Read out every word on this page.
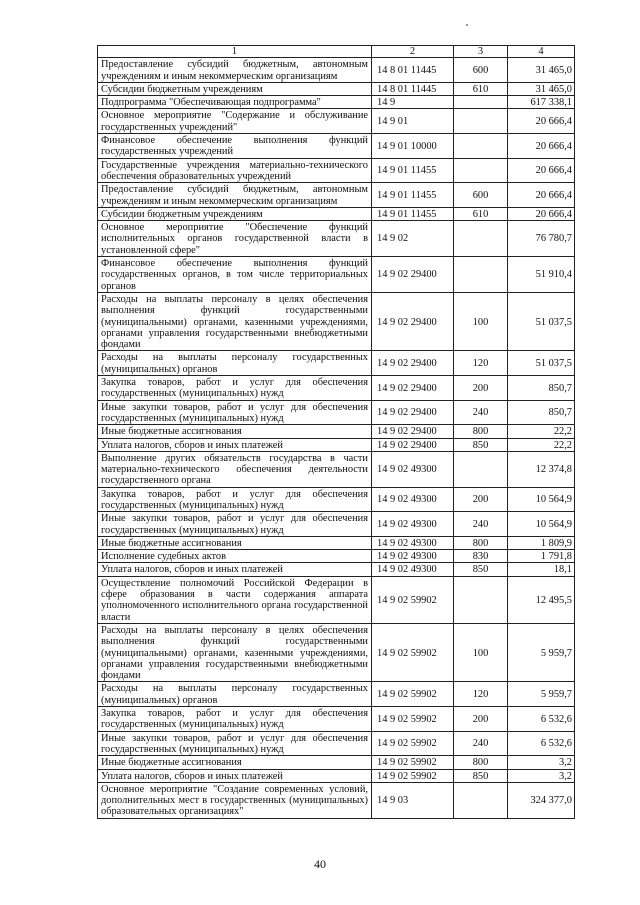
1	2	3	4
Предоставление субсидий бюджетным, автономным учреждениям и иным некоммерческим организациям	14 8 01 11445	600	31 465,0
Субсидии бюджетным учреждениям	14 8 01 11445	610	31 465,0
Подпрограмма "Обеспечивающая подпрограмма"	14 9		617 338,1
Основное мероприятие "Содержание и обслуживание государственных учреждений"	14 9 01		20 666,4
Финансовое обеспечение выполнения функций государственных учреждений	14 9 01 10000		20 666,4
Государственные учреждения материально-технического обеспечения образовательных учреждений	14 9 01 11455		20 666,4
Предоставление субсидий бюджетным, автономным учреждениям и иным некоммерческим организациям	14 9 01 11455	600	20 666,4
Субсидии бюджетным учреждениям	14 9 01 11455	610	20 666,4
Основное мероприятие "Обеспечение функций исполнительных органов государственной власти в установленной сфере"	14 9 02		76 780,7
Финансовое обеспечение выполнения функций государственных органов, в том числе территориальных органов	14 9 02 29400		51 910,4
Расходы на выплаты персоналу в целях обеспечения выполнения функций государственными (муниципальными) органами, казенными учреждениями, органами управления государственными внебюджетными фондами	14 9 02 29400	100	51 037,5
Расходы на выплаты персоналу государственных (муниципальных) органов	14 9 02 29400	120	51 037,5
Закупка товаров, работ и услуг для обеспечения государственных (муниципальных) нужд	14 9 02 29400	200	850,7
Иные закупки товаров, работ и услуг для обеспечения государственных (муниципальных) нужд	14 9 02 29400	240	850,7
Иные бюджетные ассигнования	14 9 02 29400	800	22,2
Уплата налогов, сборов и иных платежей	14 9 02 29400	850	22,2
Выполнение других обязательств государства в части материально-технического обеспечения деятельности государственного органа	14 9 02 49300		12 374,8
Закупка товаров, работ и услуг для обеспечения государственных (муниципальных) нужд	14 9 02 49300	200	10 564,9
Иные закупки товаров, работ и услуг для обеспечения государственных (муниципальных) нужд	14 9 02 49300	240	10 564,9
Иные бюджетные ассигнования	14 9 02 49300	800	1 809,9
Исполнение судебных актов	14 9 02 49300	830	1 791,8
Уплата налогов, сборов и иных платежей	14 9 02 49300	850	18,1
Осуществление полномочий Российской Федерации в сфере образования в части содержания аппарата уполномоченного исполнительного органа государственной власти	14 9 02 59902		12 495,5
Расходы на выплаты персоналу в целях обеспечения выполнения функций государственными (муниципальными) органами, казенными учреждениями, органами управления государственными внебюджетными фондами	14 9 02 59902	100	5 959,7
Расходы на выплаты персоналу государственных (муниципальных) органов	14 9 02 59902	120	5 959,7
Закупка товаров, работ и услуг для обеспечения государственных (муниципальных) нужд	14 9 02 59902	200	6 532,6
Иные закупки товаров, работ и услуг для обеспечения государственных (муниципальных) нужд	14 9 02 59902	240	6 532,6
Иные бюджетные ассигнования	14 9 02 59902	800	3,2
Уплата налогов, сборов и иных платежей	14 9 02 59902	850	3,2
Основное мероприятие "Создание современных условий, дополнительных мест в государственных (муниципальных) образовательных организациях"	14 9 03		324 377,0
40
